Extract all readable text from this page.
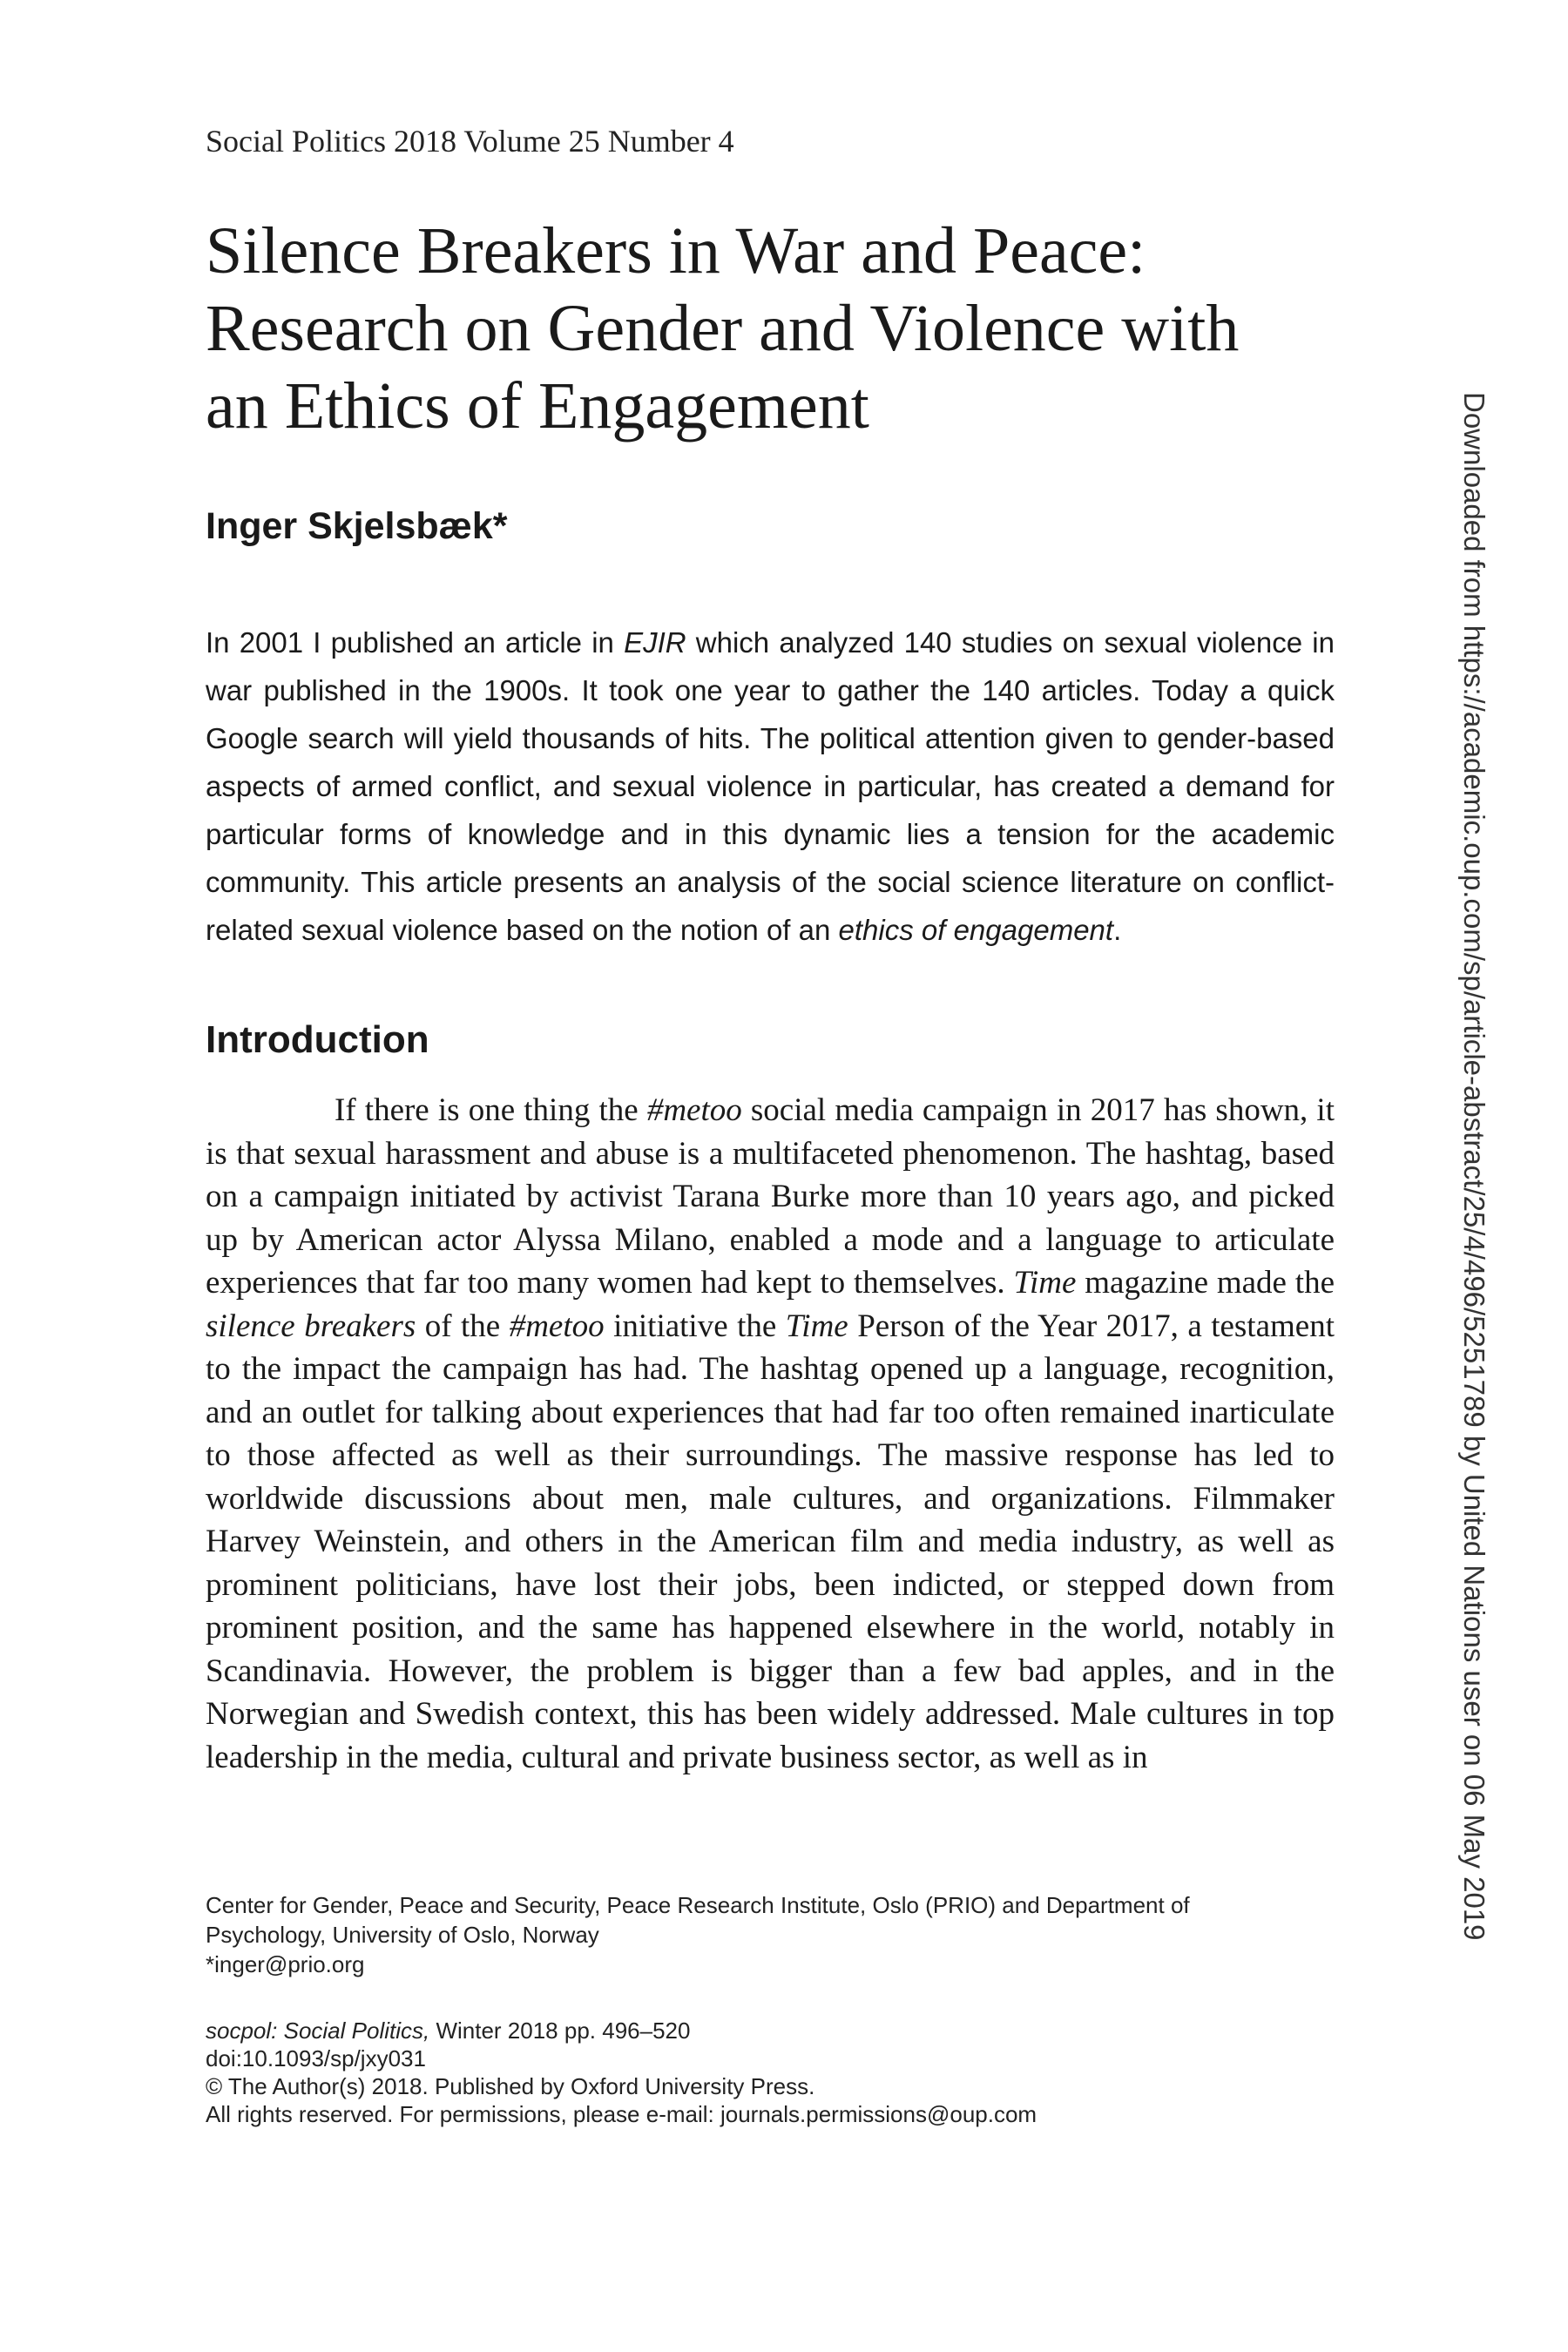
Social Politics 2018 Volume 25 Number 4
Silence Breakers in War and Peace:
Research on Gender and Violence with
an Ethics of Engagement
Inger Skjelsbæk*

In 2001 I published an article in EJIR which analyzed 140 studies on sexual violence in war published in the 1900s. It took one year to gather the 140 articles. Today a quick Google search will yield thousands of hits. The political attention given to gender-based aspects of armed conflict, and sexual violence in particular, has created a demand for particular forms of knowledge and in this dynamic lies a tension for the academic community. This article presents an analysis of the social science literature on conflict-related sexual violence based on the notion of an ethics of engagement.

Introduction

If there is one thing the #metoo social media campaign in 2017 has shown, it is that sexual harassment and abuse is a multifaceted phenomenon. The hashtag, based on a campaign initiated by activist Tarana Burke more than 10 years ago, and picked up by American actor Alyssa Milano, enabled a mode and a language to articulate experiences that far too many women had kept to themselves. Time magazine made the silence breakers of the #metoo initiative the Time Person of the Year 2017, a testament to the impact the campaign has had. The hashtag opened up a language, recognition, and an outlet for talking about experiences that had far too often remained inarticulate to those affected as well as their surroundings. The massive response has led to worldwide discussions about men, male cultures, and organizations. Filmmaker Harvey Weinstein, and others in the American film and media industry, as well as prominent politicians, have lost their jobs, been indicted, or stepped down from prominent position, and the same has happened elsewhere in the world, notably in Scandinavia. However, the problem is bigger than a few bad apples, and in the Norwegian and Swedish context, this has been widely addressed. Male cultures in top leadership in the media, cultural and private business sector, as well as in

Center for Gender, Peace and Security, Peace Research Institute, Oslo (PRIO) and Department of
Psychology, University of Oslo, Norway
*inger@prio.org
socpol: Social Politics, Winter 2018 pp. 496–520
doi:10.1093/sp/jxy031
© The Author(s) 2018. Published by Oxford University Press.
All rights reserved. For permissions, please e-mail: journals.permissions@oup.com
Downloaded from https://academic.oup.com/sp/article-abstract/25/4/496/5251789 by United Nations user on 06 May 2019
